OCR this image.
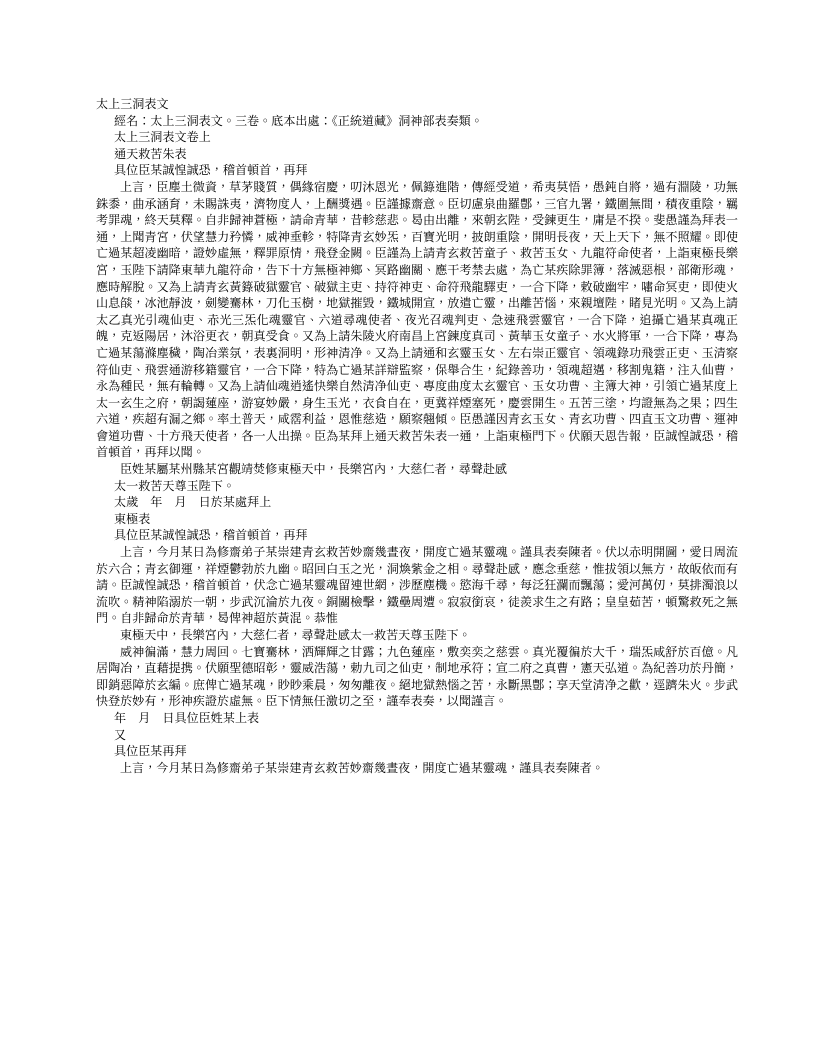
太上三洞表文

經名：太上三洞表文。三卷。底本出處：《正統道藏》洞神部表奏類。

太上三洞表文卷上

通天救苦朱表

具位臣某誠惶誠恐，稽首頓首，再拜

上言，臣塵土微資，草茅賤質，偶緣宿慶，叨沐恩光，佩籙進階，傳經受道，希夷莫悟，愚鈍自將，過有淵陵，功無銖黍，曲承涵育，未賜誅夷，濟物度人，上酬獎遇。臣謹據齋意。臣切慮泉曲羅鄷，三官九署，鐵圍無間，積夜重陰，羈考罪魂，終天莫釋。自非歸神蒼極，請命青華，昔軫慈悲。曷由出離，來朝玄陛，受鍊更生，庸是不揆。斐愚謹為拜表一通，上聞青宮，伏望慧力矜憐，威神垂軫，特降青玄妙炁，百寶光明，披朗重陰，開明長夜，天上天下，無不照耀。即使亡過某超凌幽暗，證妙虛無，釋罪原情，飛登金闕。臣謹為上請青玄救苦童子、救苦玉女、九龍符命使者，上詣東極長樂宮，玉陛下請降東華九龍符命，告下十方無極神鄉、冥路幽關、應干考禁去處，為亡某疾除罪簿，落滅惡根，部衛形魂，應時解脫。又為上請青玄黃籙破獄靈官、破獄主吏、持符神吏、命符飛龍驛吏，一合下降，敕破幽牢，嘯命冥吏，即使火山息燄，冰池靜波，劍變騫林，刀化玉樹，地獄摧毀，鐵城開宣，放遣亡靈，出離苦惱，來親壇陛，睹見光明。又為上請太乙真光引魂仙吏、赤光三炁化魂靈官、六道尋魂使者、夜光召魂判吏、急速飛雲靈官，一合下降，追攝亡過某真魂正魄，克返陽居，沐浴更衣，朝真受食。又為上請朱陵火府南昌上宮鍊度真司、黃華玉女童子、水火將軍，一合下降，專為亡過某蕩滌塵穢，陶冶業氛，表裏洞明，形神清净。又為上請通和玄靈玉女、左右崇正靈官、領魂錄功飛雲正吏、玉清察符仙吏、飛雲通游移籍靈官，一合下降，特為亡過某詳辯監察，保舉合生，紀錄善功，領魂超邁，移割鬼籍，注入仙曹，永為種民，無有輪轉。又為上請仙魂逍遙快樂自然清净仙吏、專度曲度太玄靈官、玉女功曹、主簿大神，引領亡過某度上太一玄生之府，朝謁蓮座，游宴妙嚴，身生玉光，衣食自在，更冀祥煙塞死，慶雲開生。五苦三塗，均證無為之果；四生六道，疾超有漏之鄉。率土普天，咸霑利益，恩惟慈造，願察翹傾。臣愚謹因青玄玉女、青玄功曹、四直玉文功曹、運神會道功曹、十方飛天使者，各一人出操。臣為某拜上通天救苦朱表一通，上詣東極門下。伏願天恩告報，臣誠惶誠恐，稽首頓首，再拜以聞。

臣姓某屬某州縣某宮觀靖焚修東極天中，長樂宮內，大慈仁者，尋聲赴感

太一救苦天尊玉陛下。

太歲　年　月　日於某處拜上

東極表

具位臣某誠惶誠恐，稽首頓首，再拜

上言，今月某日為修齋弟子某崇建青玄救苦妙齋幾晝夜，開度亡過某靈魂。謹具表奏陳者。伏以赤明開圖，愛日周流於六合；青玄御運，祥煙鬱勃於九幽。昭回白玉之光，洞煥紫金之相。尋聲赴感，應念垂慈，惟拔領以無方，故皈依而有請。臣誠惶誠恐，稽首頓首，伏念亡過某靈魂留連世網，涉歷塵機。慾海千尋，每泛狂瀾而飄蕩；愛河萬仞，莫排濁浪以流吹。精神陷溺於一朝，步武沉淪於九夜。銅關檢擊，鐵壘周遭。寂寂銜哀，徒羨求生之有路；皇皇茹苦，頓驚救死之無門。自非歸命於青華，曷俾神超於黃混。恭惟

東極天中，長樂宮內，大慈仁者，尋聲赴感太一救苦天尊玉陛下。

威神徧滿，慧力周回。七寶騫林，洒輝輝之甘露；九色蓮座，敷奕奕之慈雲。真光覆徧於大千，瑞炁咸舒於百億。凡居陶冶，直藉提携。伏願聖德昭彰，靈威浩蕩，勅九司之仙吏，制地承符；宣二府之真曹，憲天弘道。為紀善功於丹簡，即銷惡障於玄編。庶俾亡過某魂，眇眇乘晨，匆匆離夜。絕地獄熱惱之苦，永斷黑鄷；享天堂清净之歡，逕躋朱火。步武快登於妙有，形神疾證於虛無。臣下情無任激切之至，謹奉表奏，以聞謹言。

年　月　日具位臣姓某上表

又

具位臣某再拜

上言，今月某日為修齋弟子某崇建青玄救苦妙齋幾晝夜，開度亡過某靈魂，謹具表奏陳者。
